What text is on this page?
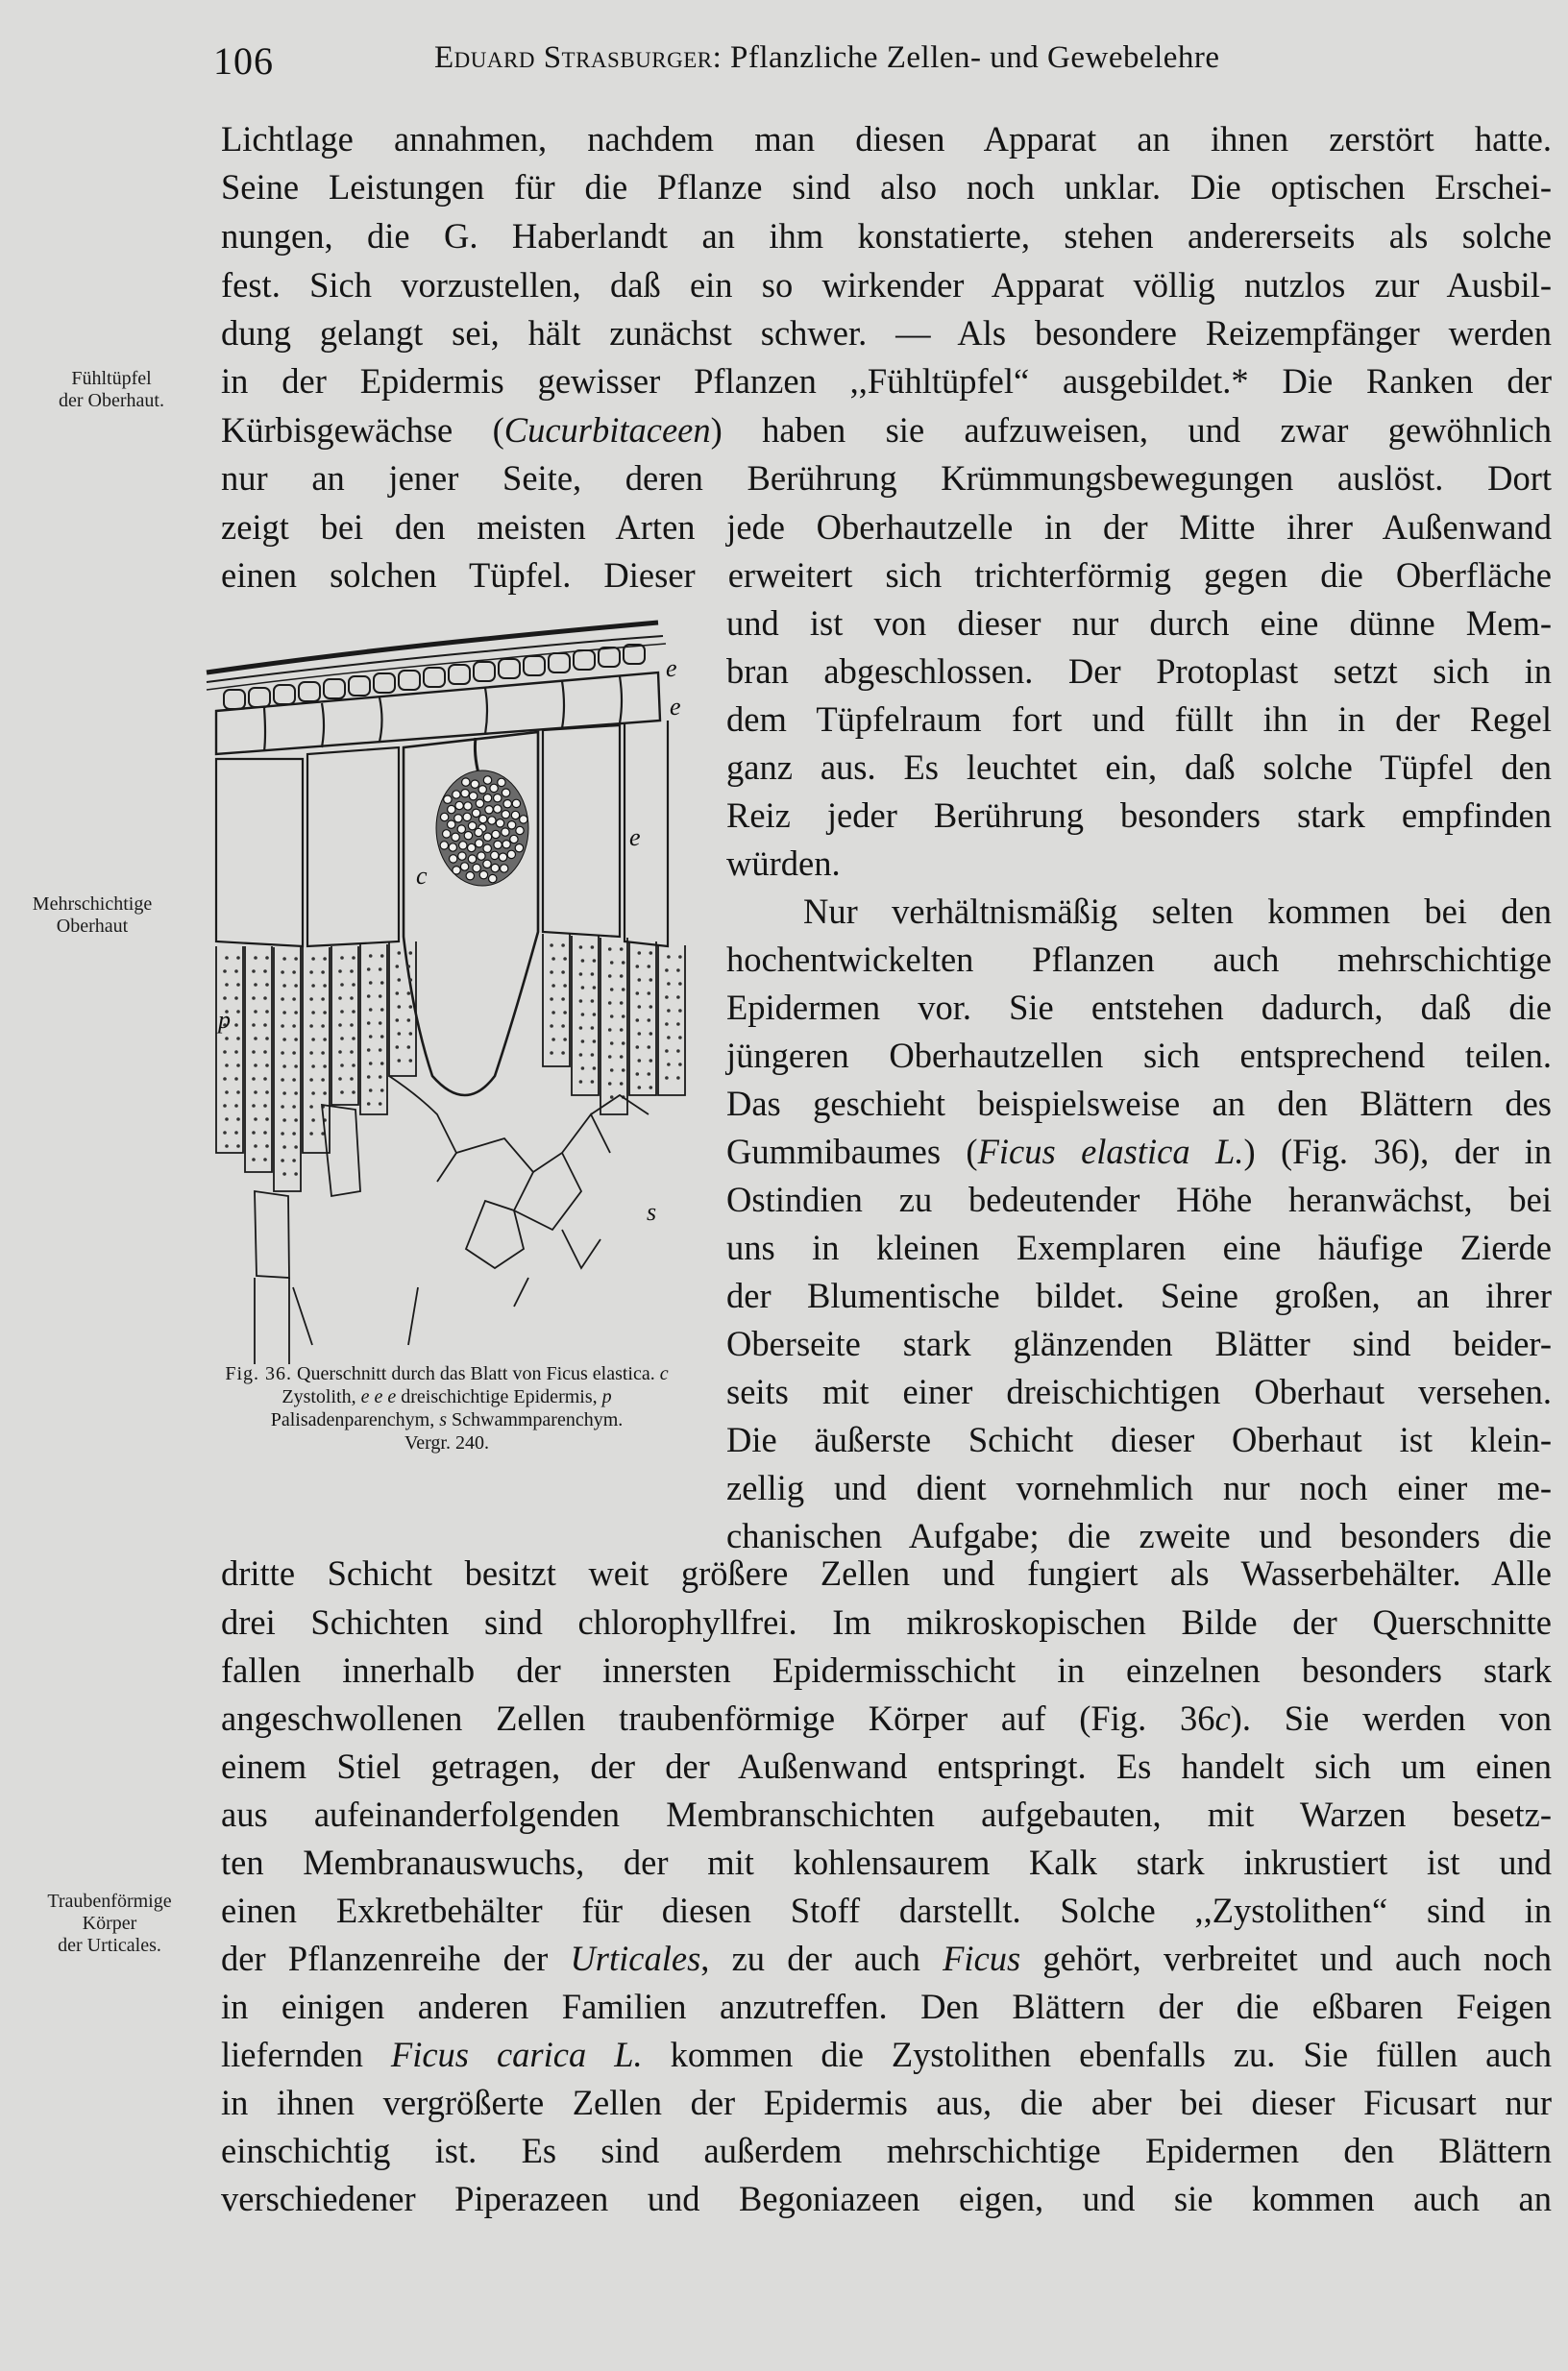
106	Eduard Strasburger: Pflanzliche Zellen- und Gewebelehre
Fühltüpfel
der Oberhaut.
Mehrschichtige
Oberhaut
Traubenförmige
Körper
der Urticales.
Lichtlage annahmen, nachdem man diesen Apparat an ihnen zerstört hatte.
Seine Leistungen für die Pflanze sind also noch unklar. Die optischen Erschei-
nungen, die G. Haberlandt an ihm konstatierte, stehen andererseits als solche
fest. Sich vorzustellen, daß ein so wirkender Apparat völlig nutzlos zur Ausbil-
dung gelangt sei, hält zunächst schwer. — Als besondere Reizempfänger werden
in der Epidermis gewisser Pflanzen ,,Fühltüpfel“ ausgebildet.* Die Ranken der
Kürbisgewächse (Cucurbitaceen) haben sie aufzuweisen, und zwar gewöhnlich
nur an jener Seite, deren Berührung Krümmungsbewegungen auslöst. Dort
zeigt bei den meisten Arten jede Oberhautzelle in der Mitte ihrer Außenwand
einen solchen Tüpfel. Dieser erweitert sich trichterförmig gegen die Oberfläche
und ist von dieser nur durch eine dünne Mem-
bran abgeschlossen. Der Protoplast setzt sich in
dem Tüpfelraum fort und füllt ihn in der Regel
ganz aus. Es leuchtet ein, daß solche Tüpfel den
Reiz jeder Berührung besonders stark empfinden
würden.
Nur verhältnismäßig selten kommen bei den
hochentwickelten Pflanzen auch mehrschichtige
Epidermen vor. Sie entstehen dadurch, daß die
jüngeren Oberhautzellen sich entsprechend teilen.
Das geschieht beispielsweise an den Blättern des
Gummibaumes (Ficus elastica L.) (Fig. 36), der in
Ostindien zu bedeutender Höhe heranwächst, bei
uns in kleinen Exemplaren eine häufige Zierde
der Blumentische bildet. Seine großen, an ihrer
Oberseite stark glänzenden Blätter sind beider-
seits mit einer dreischichtigen Oberhaut versehen.
Die äußerste Schicht dieser Oberhaut ist klein-
zellig und dient vornehmlich nur noch einer me-
chanischen Aufgabe; die zweite und besonders die
dritte Schicht besitzt weit größere Zellen und fungiert als Wasserbehälter. Alle
drei Schichten sind chlorophyllfrei. Im mikroskopischen Bilde der Querschnitte
fallen innerhalb der innersten Epidermisschicht in einzelnen besonders stark
angeschwollenen Zellen traubenförmige Körper auf (Fig. 36c). Sie werden von
einem Stiel getragen, der der Außenwand entspringt. Es handelt sich um einen
aus aufeinanderfolgenden Membranschichten aufgebauten, mit Warzen besetz-
ten Membranauswuchs, der mit kohlensaurem Kalk stark inkrustiert ist und
einen Exkretbehälter für diesen Stoff darstellt. Solche ,,Zystolithen“ sind in
der Pflanzenreihe der Urticales, zu der auch Ficus gehört, verbreitet und auch noch
in einigen anderen Familien anzutreffen. Den Blättern der die eßbaren Feigen
liefernden Ficus carica L. kommen die Zystolithen ebenfalls zu. Sie füllen auch
in ihnen vergrößerte Zellen der Epidermis aus, die aber bei dieser Ficusart nur
einschichtig ist. Es sind außerdem mehrschichtige Epidermen den Blättern
verschiedener Piperazeen und Begoniazeen eigen, und sie kommen auch an
e
e
e
c
p
s
Fig. 36. Querschnitt durch das Blatt von Ficus elastica. c Zystolith, e e e dreischichtige Epidermis, p Palisadenparenchym, s Schwammparenchym.
Vergr. 240.
